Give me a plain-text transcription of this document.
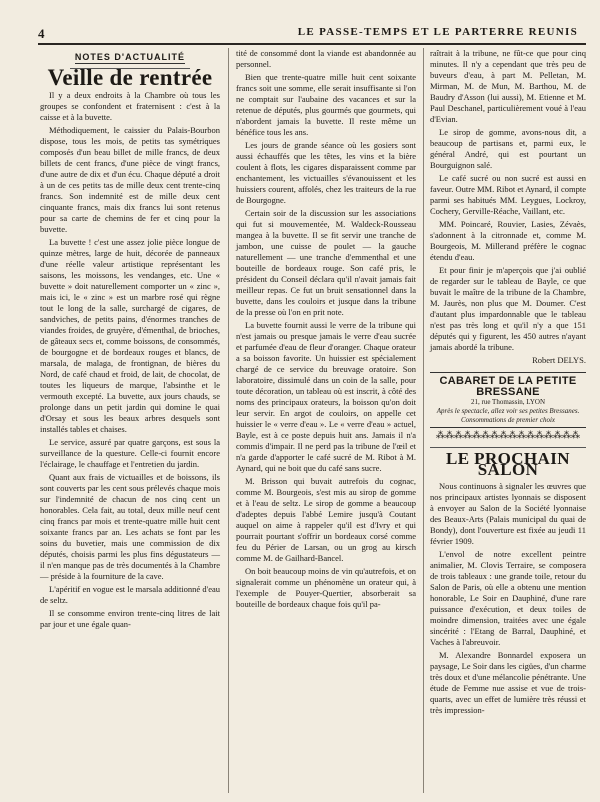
4	LE PASSE-TEMPS ET LE PARTERRE REUNIS
NOTES D'ACTUALITÉ
Veille de rentrée

Il y a deux endroits à la Chambre où tous les groupes se confondent et fraternisent : c'est à la caisse et à la buvette.

Méthodiquement, le caissier du Palais-Bourbon dispose, tous les mois, de petits tas symétriques composés d'un beau billet de mille francs, de deux billets de cent francs, d'une pièce de vingt francs, d'une autre de dix et d'un écu. Chaque député a droit à un de ces petits tas de mille deux cent trente-cinq francs. Son indemnité est de mille deux cent cinquante francs, mais dix francs lui sont retenus pour sa carte de chemins de fer et cinq pour la buvette.

La buvette ! c'est une assez jolie pièce longue de quinze mètres, large de huit, décorée de panneaux d'une réelle valeur artistique représentant les saisons, les moissons, les vendanges, etc. Une « buvette » doit naturellement comporter un « zinc », mais ici, le « zinc » est un marbre rosé qui règne tout le long de la salle, surchargé de cigares, de sandviches, de petits pains, d'énormes tranches de viandes froides, de gruyère, d'émenthal, de brioches, de gâteaux secs et, comme boissons, de consommés, de bourgogne et de bordeaux rouges et blancs, de marsala, de malaga, de frontignan, de bières du Nord, de café chaud et froid, de lait, de chocolat, de toutes les liqueurs de marque, l'absinthe et le vermouth excepté. La buvette, aux jours chauds, se prolonge dans un petit jardin qui domine le quai d'Orsay et sous les beaux arbres desquels sont installés tables et chaises.

Le service, assuré par quatre garçons, est sous la surveillance de la questure. Celle-ci fournit encore l'éclairage, le chauffage et l'entretien du jardin.

Quant aux frais de victuailles et de boissons, ils sont couverts par les cent sous prélevés chaque mois sur l'indemnité de chacun de nos cinq cent un honorables. Cela fait, au total, deux mille neuf cent cinq francs par mois et trente-quatre mille huit cent soixante francs par an. Les achats se font par les soins du buvetier, mais une commission de dix députés, choisis parmi les plus fins dégustateurs — il n'en manque pas de très documentés à la Chambre — préside à la fourniture de la cave.

L'apéritif en vogue est le marsala additionné d'eau de seltz.

Il se consomme environ trente-cinq litres de lait par jour et une égale quan-

tité de consommé dont la viande est abandonnée au personnel.

Bien que trente-quatre mille huit cent soixante francs soit une somme, elle serait insuffisante si l'on ne comptait sur l'aubaine des vacances et sur la retenue de députés, plus gourmés que gourmets, qui n'abordent jamais la buvette. Il reste même un bénéfice tous les ans.

Les jours de grande séance où les gosiers sont aussi échauffés que les têtes, les vins et la bière coulent à flots, les cigares disparaissent comme par enchantement, les victuailles s'évanouissent et les huissiers courent, affolés, chez les traiteurs de la rue de Bourgogne.

Certain soir de la discussion sur les associations qui fut si mouvementée, M. Waldeck-Rousseau mangea à la buvette. Il se fit servir une tranche de jambon, une cuisse de poulet — la gauche naturellement — une tranche d'emmenthal et une bouteille de bordeaux rouge. Son café pris, le président du Conseil déclara qu'il n'avait jamais fait meilleur repas. Ce fut un bruit sensationnel dans la buvette, dans les couloirs et jusque dans la tribune de la presse où l'on en prit note.

La buvette fournit aussi le verre de la tribune qui n'est jamais ou presque jamais le verre d'eau sucrée et parfumée d'eau de fleur d'oranger. Chaque orateur a sa boisson favorite. Un huissier est spécialement chargé de ce service du breuvage oratoire. Son laboratoire, dissimulé dans un coin de la salle, pour toute décoration, un tableau où est inscrit, à côté des noms des principaux orateurs, la boisson qu'on doit leur servir. En argot de couloirs, on appelle cet huissier le « verre d'eau ». Le « verre d'eau » actuel, Bayle, est à ce poste depuis huit ans. Jamais il n'a commis d'impair. Il ne perd pas la tribune de l'œil et n'a garde d'apporter le café sucré de M. Ribot à M. Aynard, qui ne boit que du café sans sucre.

M. Brisson qui buvait autrefois du cognac, comme M. Bourgeois, s'est mis au sirop de gomme et à l'eau de seltz. Le sirop de gomme a beaucoup d'adeptes depuis l'abbé Lemire jusqu'à Coutant auquel on aime à rappeler qu'il est d'Ivry et qui pourrait pourtant s'offrir un bordeaux corsé comme feu du Périer de Larsan, ou un grog au kirsch comme M. de Gailhard-Bancel.

On boit beaucoup moins de vin qu'autrefois, et on signalerait comme un phénomène un orateur qui, à l'exemple de Pouyer-Quertier, absorberait sa bouteille de bordeaux chaque fois qu'il pa-

raîtrait à la tribune, ne fût-ce que pour cinq minutes. Il n'y a cependant que très peu de buveurs d'eau, à part M. Pelletan, M. Mirman, M. de Mun, M. Barthou, M. de Baudry d'Asson (lui aussi), M. Etienne et M. Paul Deschanel, particulièrement voué à l'eau d'Evian.

Le sirop de gomme, avons-nous dit, a beaucoup de partisans et, parmi eux, le général André, qui est pourtant un Bourguignon salé.

Le café sucré ou non sucré est aussi en faveur. Outre MM. Ribot et Aynard, il compte parmi ses habitués MM. Leygues, Lockroy, Cochery, Gerville-Réache, Vaillant, etc.

MM. Poincaré, Rouvier, Lasies, Zévaès, s'adonnent à la citronnade et, comme M. Bourgeois, M. Millerand préfère le cognac étendu d'eau.

Et pour finir je m'aperçois que j'ai oublié de regarder sur le tableau de Bayle, ce que buvait le maître de la tribune de la Chambre, M. Jaurès, non plus que M. Doumer. C'est d'autant plus impardonnable que le tableau n'est pas très long et qu'il n'y a que 151 députés qui y figurent, les 450 autres n'ayant jamais abordé la tribune.

Robert DELYS.

CABARET DE LA PETITE BRESSANE
21, rue Thomassin, LYON
Après le spectacle, allez voir ses petites Bressanes.
Consommations de premier choix
⁂⁂⁂⁂⁂⁂⁂⁂⁂⁂⁂⁂⁂⁂⁂⁂
LE PROCHAIN SALON

Nous continuons à signaler les œuvres que nos principaux artistes lyonnais se disposent à envoyer au Salon de la Société lyonnaise des Beaux-Arts (Palais municipal du quai de Bondy), dont l'ouverture est fixée au jeudi 11 février 1909.

L'envol de notre excellent peintre animalier, M. Clovis Terraire, se composera de trois tableaux : une grande toile, retour du Salon de Paris, où elle a obtenu une mention honorable, Le Soir en Dauphiné, d'une rare puissance d'exécution, et deux toiles de moindre dimension, traitées avec une égale sincérité : l'Etang de Barral, Dauphiné, et Vaches à l'abreuvoir.

M. Alexandre Bonnardel exposera un paysage, Le Soir dans les cigües, d'un charme très doux et d'une mélancolie pénétrante. Une étude de Femme nue assise et vue de trois-quarts, avec un effet de lumière très réussi et très impression-
